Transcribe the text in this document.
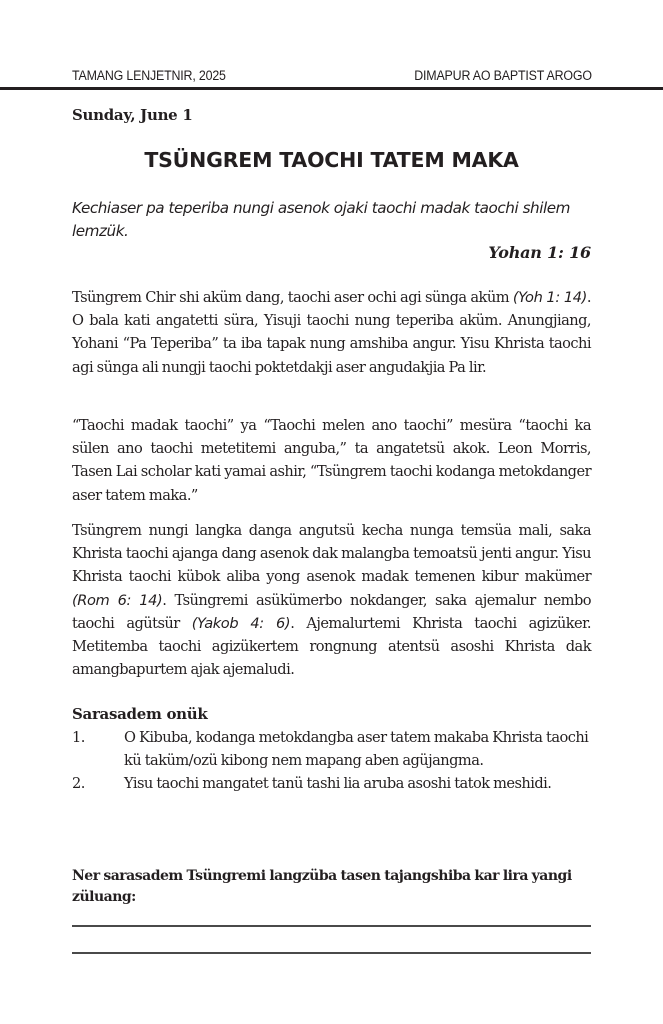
TAMANG LENJETNIR, 2025	DIMAPUR AO BAPTIST AROGO
Sunday, June 1
TSÜNGREM TAOCHI TATEM MAKA
Kechiaser pa teperiba nungi asenok ojaki taochi madak taochi shilem lemzük.
Yohan 1: 16

Tsüngrem Chir shi aküm dang, taochi aser ochi agi sünga aküm (Yoh 1: 14). O bala kati angatetti süra, Yisuji taochi nung teperiba aküm. Anungjiang, Yohani “Pa Teperiba” ta iba tapak nung amshiba angur. Yisu Khrista taochi agi sünga ali nungji taochi poktetdakji aser angudakjia Pa lir.

“Taochi madak taochi” ya “Taochi melen ano taochi” mesüra “taochi ka sülen ano taochi metetitemi anguba,” ta angatetsü akok. Leon Morris, Tasen Lai scholar kati yamai ashir, “Tsüngrem taochi kodanga metokdanger aser tatem maka.”

Tsüngrem nungi langka danga angutsü kecha nunga temsüa mali, saka Khrista taochi ajanga dang asenok dak malangba temoatsü jenti angur. Yisu Khrista taochi kübok aliba yong asenok madak temenen kibur makümer (Rom 6: 14). Tsüngremi asükümerbo nokdanger, saka ajemalur nembo taochi agütsür (Yakob 4: 6). Ajemalurtemi Khrista taochi agizüker. Metitemba taochi agizükertem rongnung atentsü asoshi Khrista dak amangbapurtem ajak ajemaludi.

Sarasadem onük
1.	O Kibuba, kodanga metokdangba aser tatem makaba Khrista taochi kü taküm/ozü kibong nem mapang aben agüjangma.
2.	Yisu taochi mangatet tanü tashi lia aruba asoshi tatok meshidi.
Ner sarasadem Tsüngremi langzüba tasen tajangshiba kar lira yangi züluang:
